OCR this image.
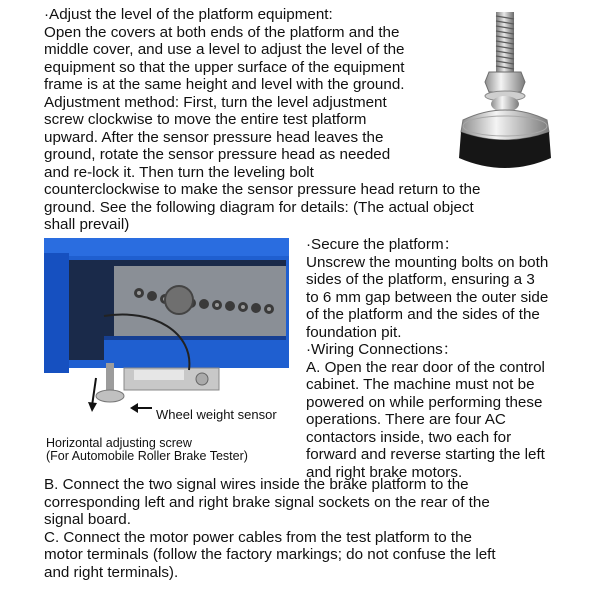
·Adjust the level of the platform equipment:
Open the covers at both ends of the platform and the
middle cover, and use a level to adjust the level of the
equipment so that the upper surface of the equipment
frame is at the same height and level with the ground.
Adjustment method: First, turn the level adjustment
screw clockwise to move the entire test platform
upward. After the sensor pressure head leaves the
ground, rotate the sensor pressure head as needed
and re-lock it. Then turn the leveling bolt
counterclockwise to make the sensor pressure head return to the
ground. See the following diagram for details: (The actual object
shall prevail)

Wheel weight sensor
Horizontal adjusting screw
(For Automobile Roller Brake Tester)

·Secure the platform：
Unscrew the mounting bolts on both
sides of the platform, ensuring a 3
to 6 mm gap between the outer side
of the platform and the sides of the
foundation pit.
·Wiring Connections：
A. Open the rear door of the control
cabinet. The machine must not be
powered on while performing these
operations. There are four AC
contactors inside, two each for
forward and reverse starting the left
and right brake motors.

B. Connect the two signal wires inside the brake platform to the
corresponding left and right brake signal sockets on the rear of the
signal board.
C. Connect the motor power cables from the test platform to the
motor terminals (follow the factory markings; do not confuse the left
and right terminals).
